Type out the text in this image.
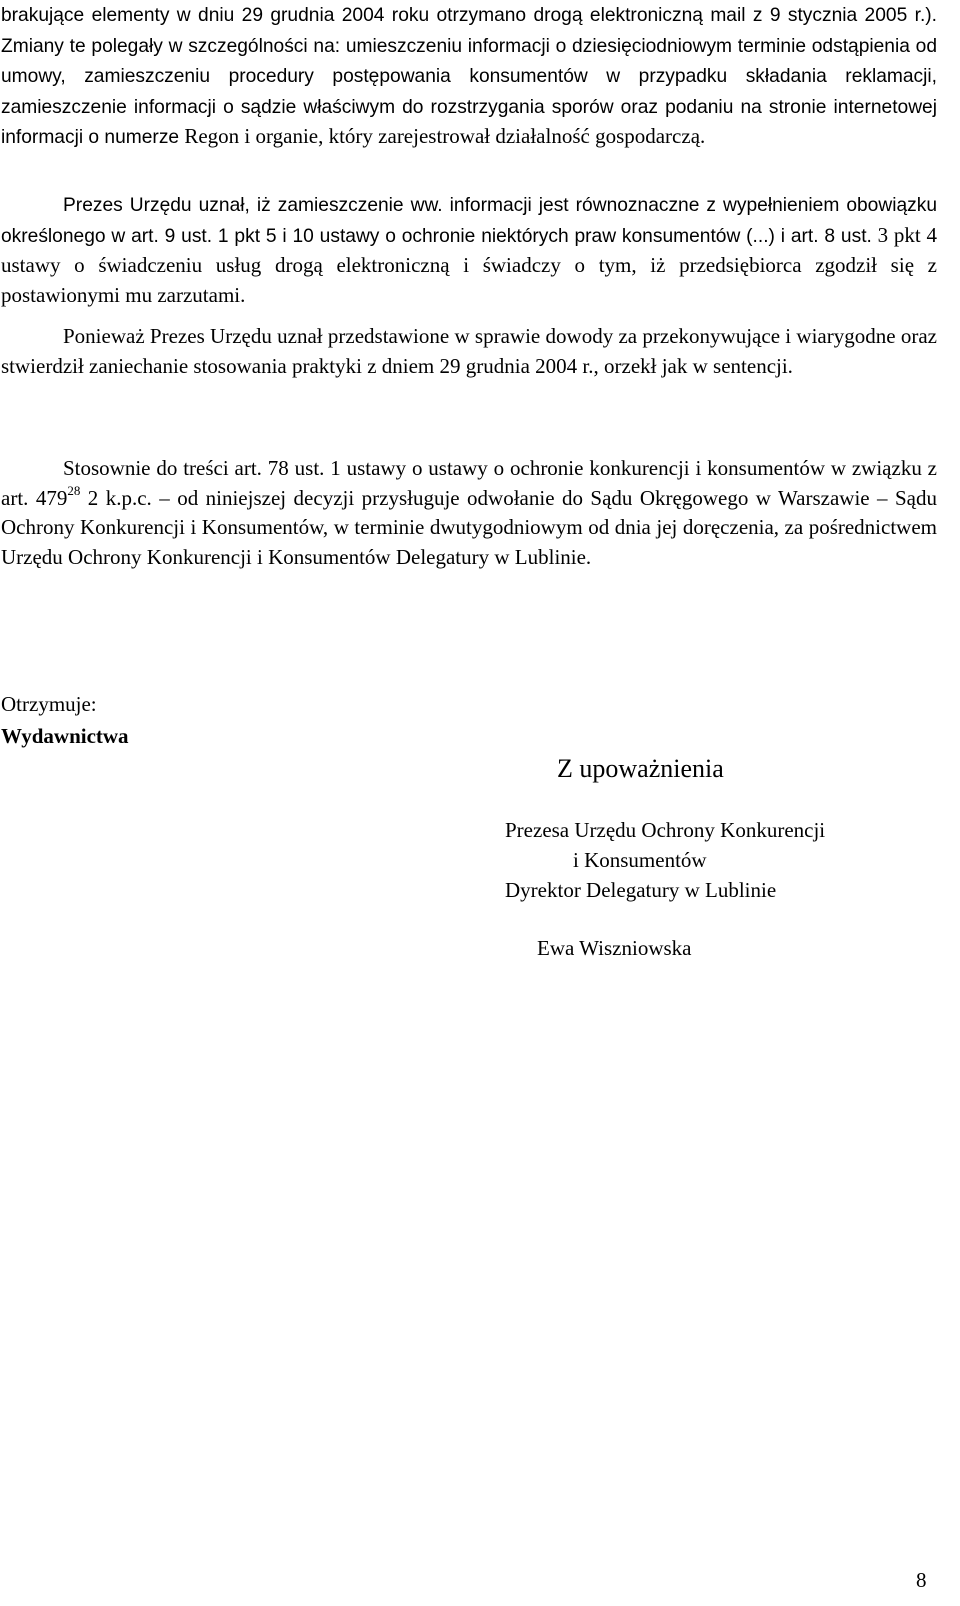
brakujące elementy w dniu 29 grudnia 2004 roku otrzymano drogą elektroniczną mail z 9 stycznia 2005 r.). Zmiany te polegały w szczególności na: umieszczeniu informacji o dziesięciodniowym terminie odstąpienia od umowy, zamieszczeniu procedury postępowania konsumentów w przypadku składania reklamacji, zamieszczenie informacji o sądzie właściwym do rozstrzygania sporów oraz podaniu na stronie internetowej informacji o numerze Regon i organie, który zarejestrował działalność gospodarczą.

Prezes Urzędu uznał, iż zamieszczenie ww. informacji jest równoznaczne z wypełnieniem obowiązku określonego w art. 9 ust. 1 pkt 5 i 10 ustawy o ochronie niektórych praw konsumentów (...) i art. 8 ust. 3 pkt 4 ustawy o świadczeniu usług drogą elektroniczną i świadczy o tym, iż przedsiębiorca zgodził się z postawionymi mu zarzutami.

Ponieważ Prezes Urzędu uznał przedstawione w sprawie dowody za przekonywujące i wiarygodne oraz stwierdził zaniechanie stosowania praktyki z dniem 29 grudnia 2004 r., orzekł jak w sentencji.

Stosownie do treści art. 78 ust. 1 ustawy o ustawy o ochronie konkurencji i konsumentów w związku z art. $479^{28}$ 2 k.p.c. – od niniejszej decyzji przysługuje odwołanie do Sądu Okręgowego w Warszawie – Sądu Ochrony Konkurencji i Konsumentów, w terminie dwutygodniowym od dnia jej doręczenia, za pośrednictwem Urzędu Ochrony Konkurencji i Konsumentów Delegatury w Lublinie.

Otrzymuje:
Wydawnictwa
Z upoważnienia
Prezesa Urzędu Ochrony Konkurencji
i Konsumentów
Dyrektor Delegatury w Lublinie
Ewa Wiszniowska
8
